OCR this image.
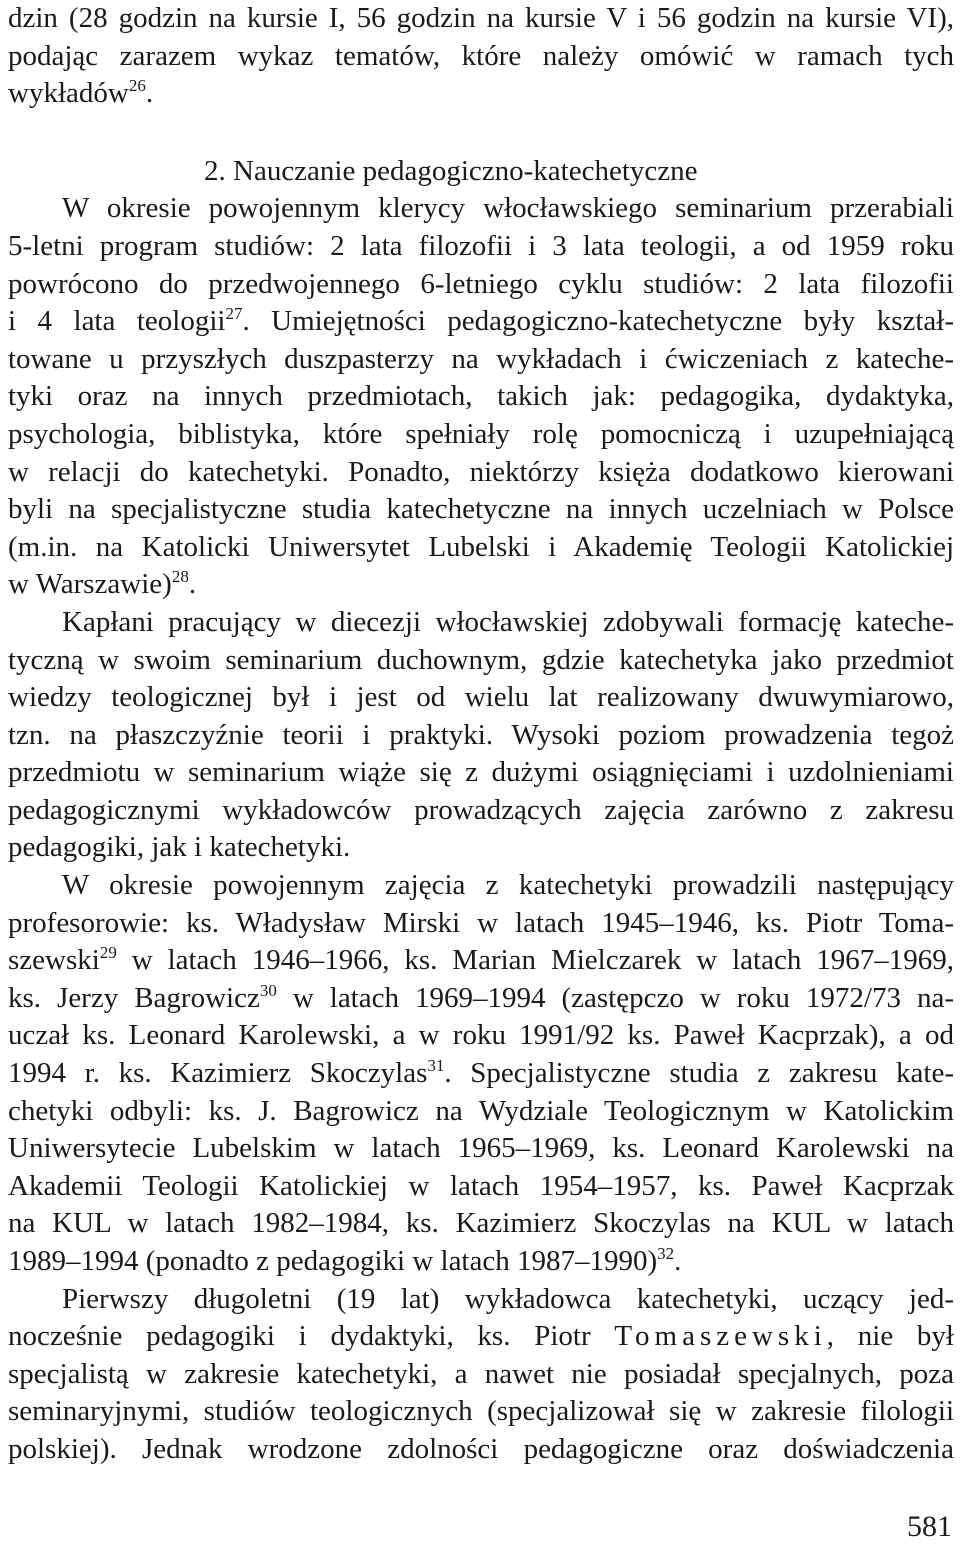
dzin (28 godzin na kursie I, 56 godzin na kursie V i 56 godzin na kursie VI),
podając zarazem wykaz tematów, które należy omówić w ramach tych
wykładów$^{26}$.
2. Nauczanie pedagogiczno-katechetyczne
W okresie powojennym klerycy włocławskiego seminarium przerabiali
5-letni program studiów: 2 lata filozofii i 3 lata teologii, a od 1959 roku
powrócono do przedwojennego 6-letniego cyklu studiów: 2 lata filozofii
i 4 lata teologii$^{27}$. Umiejętności pedagogiczno-katechetyczne były kształ-
towane u przyszłych duszpasterzy na wykładach i ćwiczeniach z kateche-
tyki oraz na innych przedmiotach, takich jak: pedagogika, dydaktyka,
psychologia, biblistyka, które spełniały rolę pomocniczą i uzupełniającą
w relacji do katechetyki. Ponadto, niektórzy księża dodatkowo kierowani
byli na specjalistyczne studia katechetyczne na innych uczelniach w Polsce
(m.in. na Katolicki Uniwersytet Lubelski i Akademię Teologii Katolickiej
w Warszawie)$^{28}$.
Kapłani pracujący w diecezji włocławskiej zdobywali formację kateche-
tyczną w swoim seminarium duchownym, gdzie katechetyka jako przedmiot
wiedzy teologicznej był i jest od wielu lat realizowany dwuwymiarowo,
tzn. na płaszczyźnie teorii i praktyki. Wysoki poziom prowadzenia tegoż
przedmiotu w seminarium wiąże się z dużymi osiągnięciami i uzdolnieniami
pedagogicznymi wykładowców prowadzących zajęcia zarówno z zakresu
pedagogiki, jak i katechetyki.
W okresie powojennym zajęcia z katechetyki prowadzili następujący
profesorowie: ks. Władysław Mirski w latach 1945–1946, ks. Piotr Toma-
szewski$^{29}$ w latach 1946–1966, ks. Marian Mielczarek w latach 1967–1969,
ks. Jerzy Bagrowicz$^{30}$ w latach 1969–1994 (zastępczo w roku 1972/73 na-
uczał ks. Leonard Karolewski, a w roku 1991/92 ks. Paweł Kacprzak), a od
1994 r. ks. Kazimierz Skoczylas$^{31}$. Specjalistyczne studia z zakresu kate-
chetyki odbyli: ks. J. Bagrowicz na Wydziale Teologicznym w Katolickim
Uniwersytecie Lubelskim w latach 1965–1969, ks. Leonard Karolewski na
Akademii Teologii Katolickiej w latach 1954–1957, ks. Paweł Kacprzak
na KUL w latach 1982–1984, ks. Kazimierz Skoczylas na KUL w latach
1989–1994 (ponadto z pedagogiki w latach 1987–1990)$^{32}$.
Pierwszy długoletni (19 lat) wykładowca katechetyki, uczący jed-
nocześnie pedagogiki i dydaktyki, ks. Piotr Tomaszewski, nie był
specjalistą w zakresie katechetyki, a nawet nie posiadał specjalnych, poza
seminaryjnymi, studiów teologicznych (specjalizował się w zakresie filologii
polskiej). Jednak wrodzone zdolności pedagogiczne oraz doświadczenia
581
